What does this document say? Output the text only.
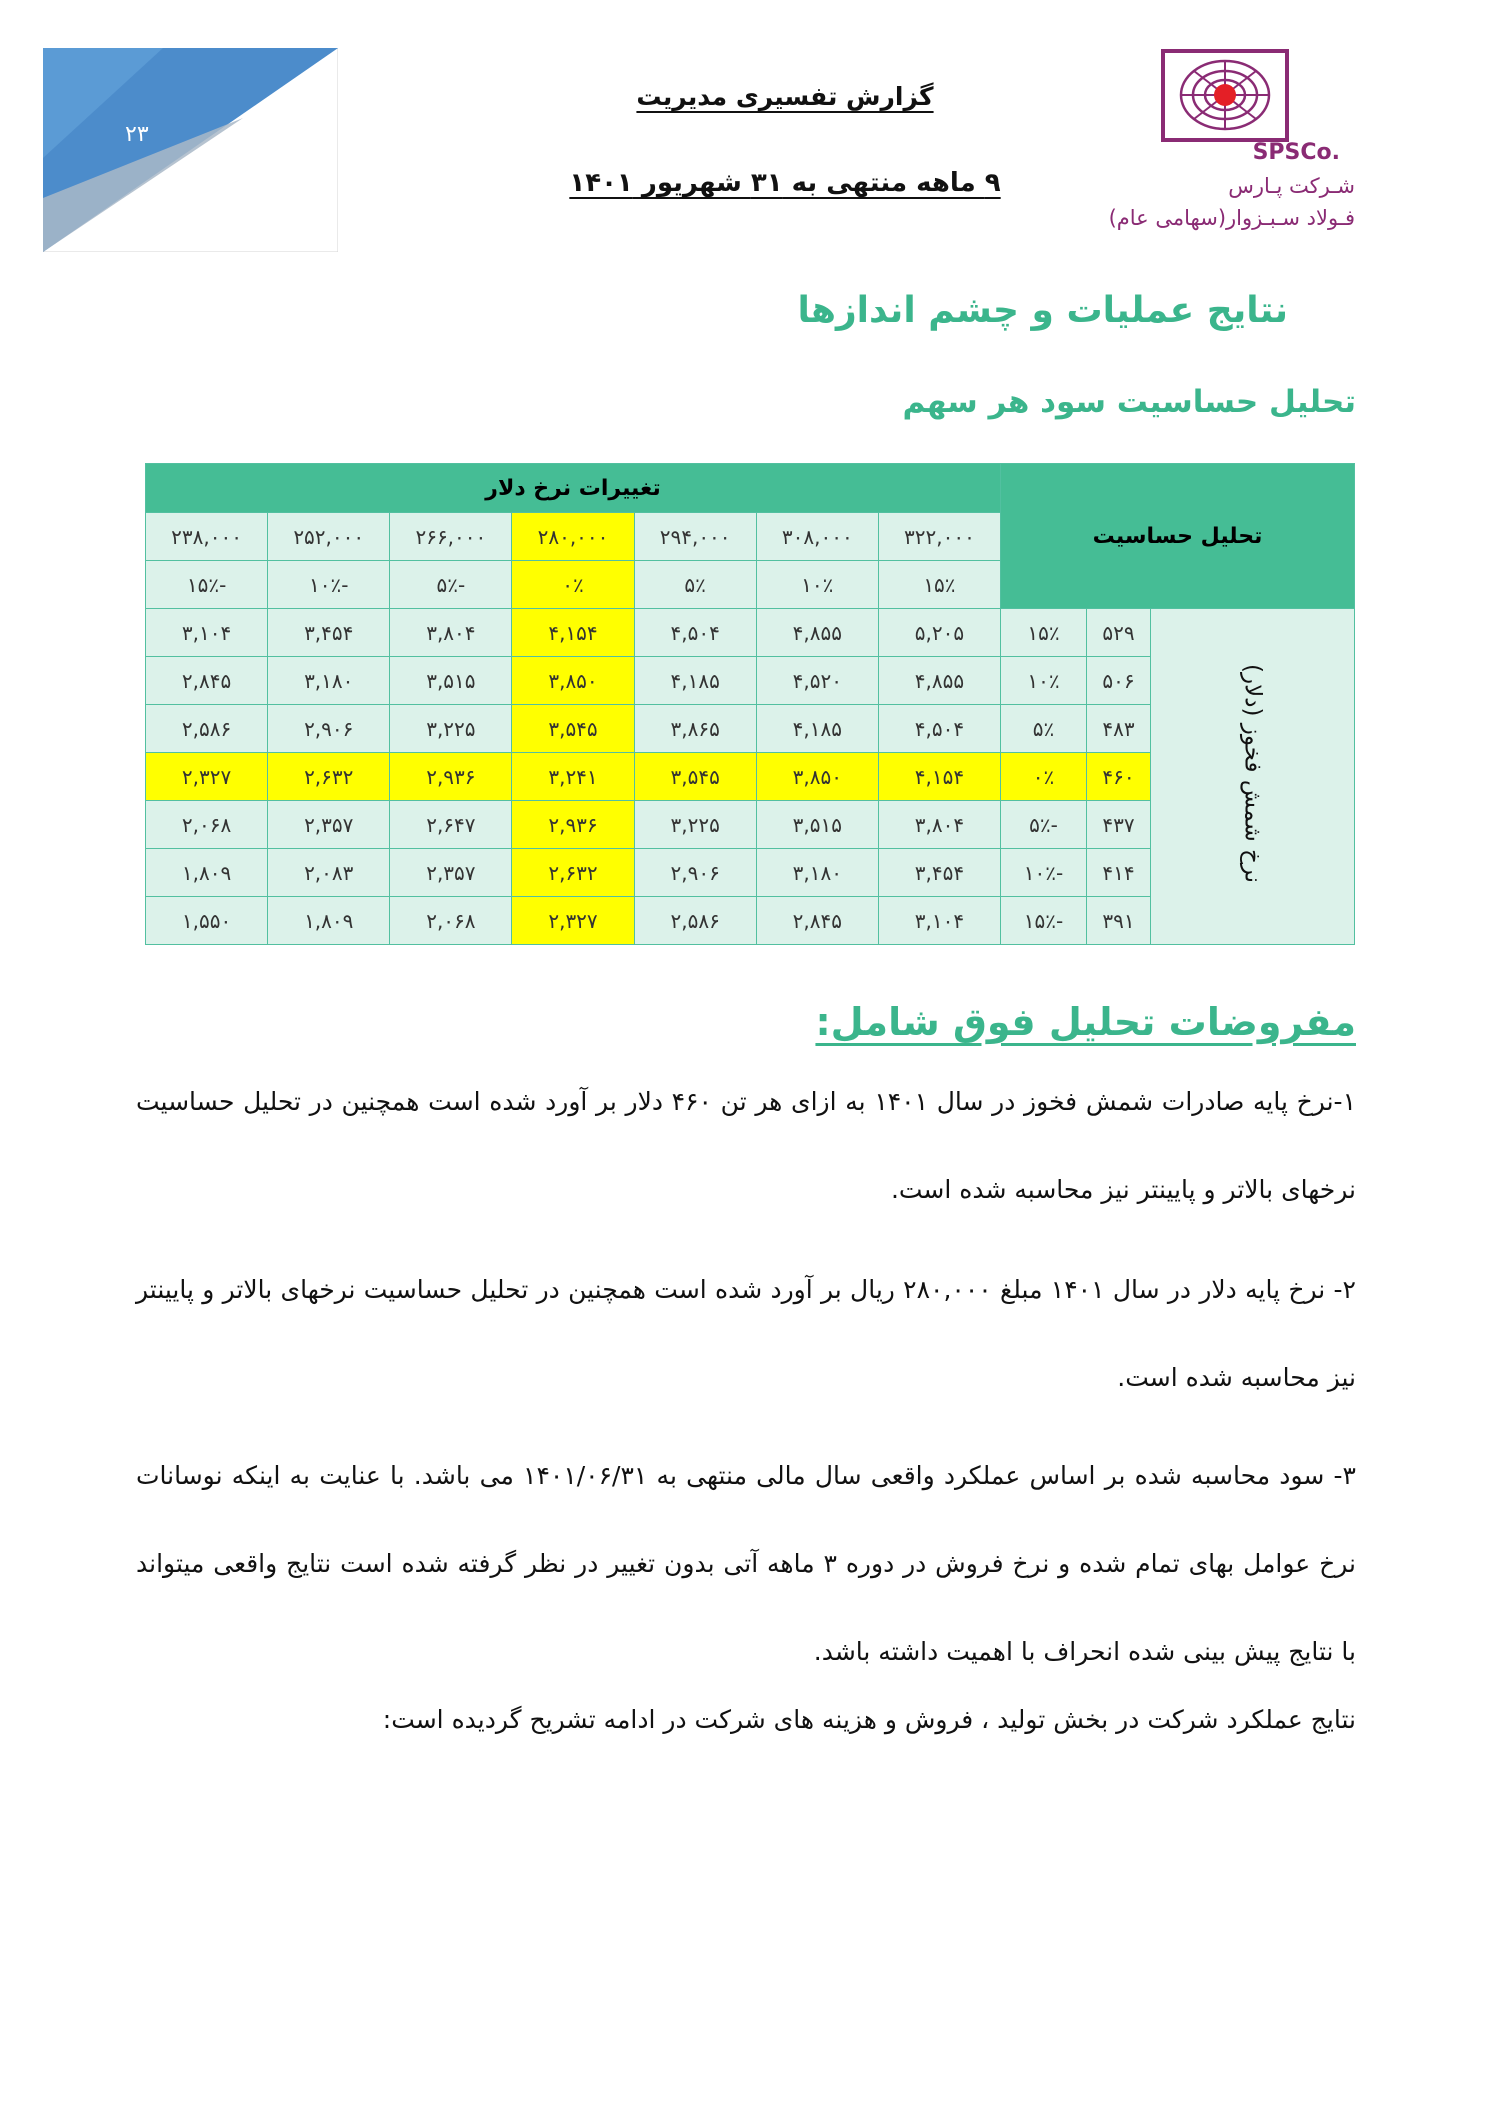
۲۳
گزارش تفسیری مدیریت
۹ ماهه منتهی به ۳۱ شهریور ۱۴۰۱
SPSCo.
شـرکت پـارس
فـولاد سـبـزوار(سهامی عام)
نتایج عملیات و چشم اندازها
تحلیل حساسیت سود هر سهم
تحلیل حساسیت			تغییرات نرخ دلار						
			۳۲۲,۰۰۰	۳۰۸,۰۰۰	۲۹۴,۰۰۰	۲۸۰,۰۰۰	۲۶۶,۰۰۰	۲۵۲,۰۰۰	۲۳۸,۰۰۰
			۱۵٪	۱۰٪	۵٪	۰٪	-۵٪	-۱۰٪	-۱۵٪
نرخ شمش فخوز (دلار)	۵۲۹	۱۵٪	۵,۲۰۵	۴,۸۵۵	۴,۵۰۴	۴,۱۵۴	۳,۸۰۴	۳,۴۵۴	۳,۱۰۴
	۵۰۶	۱۰٪	۴,۸۵۵	۴,۵۲۰	۴,۱۸۵	۳,۸۵۰	۳,۵۱۵	۳,۱۸۰	۲,۸۴۵
	۴۸۳	۵٪	۴,۵۰۴	۴,۱۸۵	۳,۸۶۵	۳,۵۴۵	۳,۲۲۵	۲,۹۰۶	۲,۵۸۶
	۴۶۰	۰٪	۴,۱۵۴	۳,۸۵۰	۳,۵۴۵	۳,۲۴۱	۲,۹۳۶	۲,۶۳۲	۲,۳۲۷
	۴۳۷	-۵٪	۳,۸۰۴	۳,۵۱۵	۳,۲۲۵	۲,۹۳۶	۲,۶۴۷	۲,۳۵۷	۲,۰۶۸
	۴۱۴	-۱۰٪	۳,۴۵۴	۳,۱۸۰	۲,۹۰۶	۲,۶۳۲	۲,۳۵۷	۲,۰۸۳	۱,۸۰۹
	۳۹۱	-۱۵٪	۳,۱۰۴	۲,۸۴۵	۲,۵۸۶	۲,۳۲۷	۲,۰۶۸	۱,۸۰۹	۱,۵۵۰
مفروضات تحلیل فوق شامل:
۱-نرخ پایه صادرات شمش فخوز در سال ۱۴۰۱ به ازای هر تن ۴۶۰ دلار بر آورد شده است همچنین در تحلیل حساسیت نرخهای بالاتر و پایینتر نیز محاسبه شده است.
۲- نرخ پایه دلار در سال ۱۴۰۱ مبلغ ۲۸۰,۰۰۰ ریال بر آورد شده است همچنین در تحلیل حساسیت نرخهای بالاتر و پایینتر نیز محاسبه شده است.
۳- سود محاسبه شده بر اساس عملکرد واقعی سال مالی منتهی به ۱۴۰۱/۰۶/۳۱ می باشد. با عنایت به اینکه نوسانات نرخ عوامل بهای تمام شده و نرخ فروش در دوره ۳ ماهه آتی بدون تغییر در نظر گرفته شده است نتایج واقعی میتواند با نتایج پیش بینی شده انحراف با اهمیت داشته باشد.
نتایج عملکرد شرکت در بخش تولید ، فروش و هزینه های شرکت در ادامه تشریح گردیده است:
